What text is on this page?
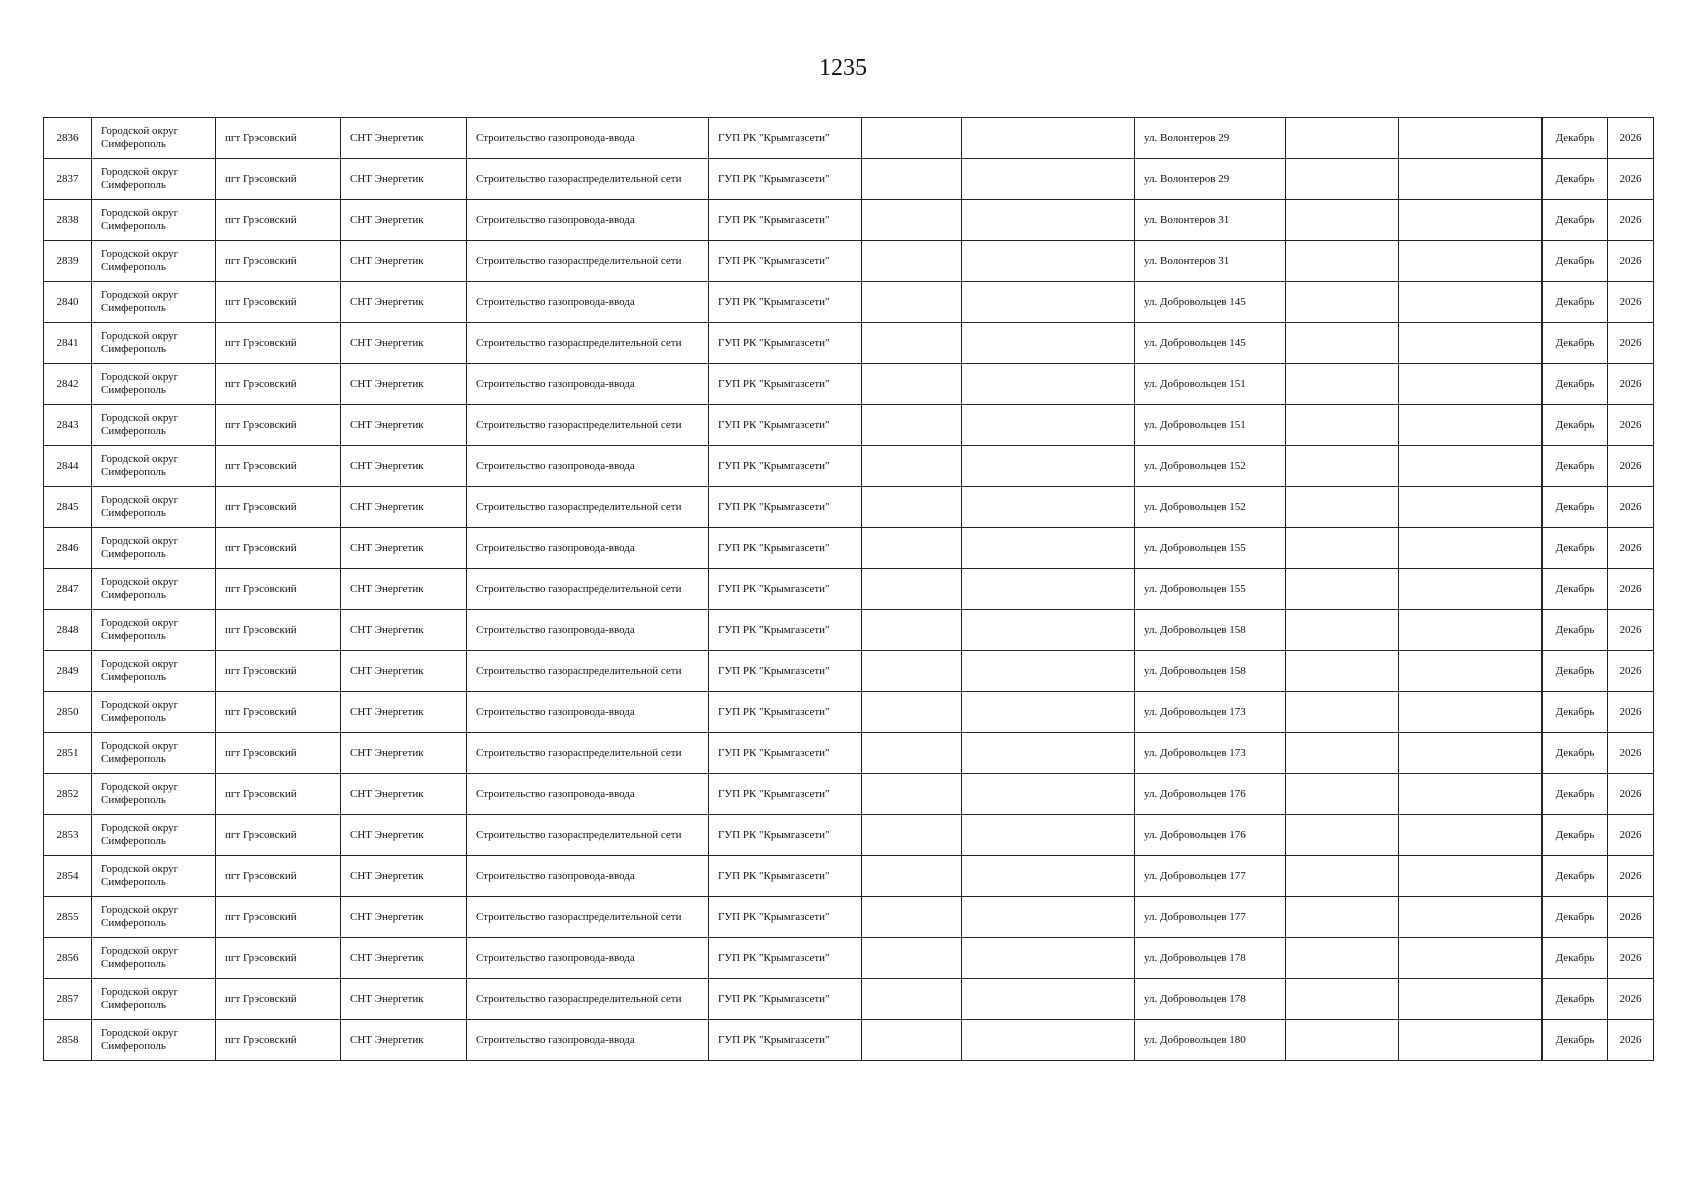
1235
2836	Городской округ Симферополь	пгт Грэсовский	СНТ Энергетик	Строительство газопровода-ввода	ГУП РК "Крымгазсети"			ул. Волонтеров 29				Декабрь	2026
2837	Городской округ Симферополь	пгт Грэсовский	СНТ Энергетик	Строительство газораспределительной сети	ГУП РК "Крымгазсети"			ул. Волонтеров 29				Декабрь	2026
2838	Городской округ Симферополь	пгт Грэсовский	СНТ Энергетик	Строительство газопровода-ввода	ГУП РК "Крымгазсети"			ул. Волонтеров 31				Декабрь	2026
2839	Городской округ Симферополь	пгт Грэсовский	СНТ Энергетик	Строительство газораспределительной сети	ГУП РК "Крымгазсети"			ул. Волонтеров 31				Декабрь	2026
2840	Городской округ Симферополь	пгт Грэсовский	СНТ Энергетик	Строительство газопровода-ввода	ГУП РК "Крымгазсети"			ул. Добровольцев 145				Декабрь	2026
2841	Городской округ Симферополь	пгт Грэсовский	СНТ Энергетик	Строительство газораспределительной сети	ГУП РК "Крымгазсети"			ул. Добровольцев 145				Декабрь	2026
2842	Городской округ Симферополь	пгт Грэсовский	СНТ Энергетик	Строительство газопровода-ввода	ГУП РК "Крымгазсети"			ул. Добровольцев 151				Декабрь	2026
2843	Городской округ Симферополь	пгт Грэсовский	СНТ Энергетик	Строительство газораспределительной сети	ГУП РК "Крымгазсети"			ул. Добровольцев 151				Декабрь	2026
2844	Городской округ Симферополь	пгт Грэсовский	СНТ Энергетик	Строительство газопровода-ввода	ГУП РК "Крымгазсети"			ул. Добровольцев 152				Декабрь	2026
2845	Городской округ Симферополь	пгт Грэсовский	СНТ Энергетик	Строительство газораспределительной сети	ГУП РК "Крымгазсети"			ул. Добровольцев 152				Декабрь	2026
2846	Городской округ Симферополь	пгт Грэсовский	СНТ Энергетик	Строительство газопровода-ввода	ГУП РК "Крымгазсети"			ул. Добровольцев 155				Декабрь	2026
2847	Городской округ Симферополь	пгт Грэсовский	СНТ Энергетик	Строительство газораспределительной сети	ГУП РК "Крымгазсети"			ул. Добровольцев 155				Декабрь	2026
2848	Городской округ Симферополь	пгт Грэсовский	СНТ Энергетик	Строительство газопровода-ввода	ГУП РК "Крымгазсети"			ул. Добровольцев 158				Декабрь	2026
2849	Городской округ Симферополь	пгт Грэсовский	СНТ Энергетик	Строительство газораспределительной сети	ГУП РК "Крымгазсети"			ул. Добровольцев 158				Декабрь	2026
2850	Городской округ Симферополь	пгт Грэсовский	СНТ Энергетик	Строительство газопровода-ввода	ГУП РК "Крымгазсети"			ул. Добровольцев 173				Декабрь	2026
2851	Городской округ Симферополь	пгт Грэсовский	СНТ Энергетик	Строительство газораспределительной сети	ГУП РК "Крымгазсети"			ул. Добровольцев 173				Декабрь	2026
2852	Городской округ Симферополь	пгт Грэсовский	СНТ Энергетик	Строительство газопровода-ввода	ГУП РК "Крымгазсети"			ул. Добровольцев 176				Декабрь	2026
2853	Городской округ Симферополь	пгт Грэсовский	СНТ Энергетик	Строительство газораспределительной сети	ГУП РК "Крымгазсети"			ул. Добровольцев 176				Декабрь	2026
2854	Городской округ Симферополь	пгт Грэсовский	СНТ Энергетик	Строительство газопровода-ввода	ГУП РК "Крымгазсети"			ул. Добровольцев 177				Декабрь	2026
2855	Городской округ Симферополь	пгт Грэсовский	СНТ Энергетик	Строительство газораспределительной сети	ГУП РК "Крымгазсети"			ул. Добровольцев 177				Декабрь	2026
2856	Городской округ Симферополь	пгт Грэсовский	СНТ Энергетик	Строительство газопровода-ввода	ГУП РК "Крымгазсети"			ул. Добровольцев 178				Декабрь	2026
2857	Городской округ Симферополь	пгт Грэсовский	СНТ Энергетик	Строительство газораспределительной сети	ГУП РК "Крымгазсети"			ул. Добровольцев 178				Декабрь	2026
2858	Городской округ Симферополь	пгт Грэсовский	СНТ Энергетик	Строительство газопровода-ввода	ГУП РК "Крымгазсети"			ул. Добровольцев 180				Декабрь	2026
